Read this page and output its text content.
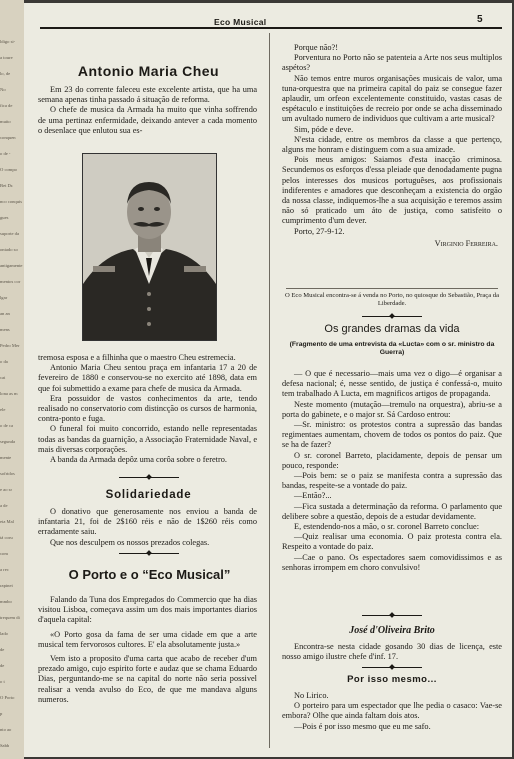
ldigo si-
a toure
lo, de
No
fica de
muito
conquen
o de -
O compo
Bet Dr.
nco conquis
gues
suporte da
ontado so
antigamente
mentos cor
lgar
an an
mens
Pedro Mer
o da
cai
lona as m
ele
o de ca
segunda
mente
sofridos
e ao sr
a de
eia Mal
tá coru
com
a rec
rapinei
mmbo
trequem di
lado
de
de
o t
O Porto
p
nto ao
Sabb
Eco Musical	5
Antonio Maria Cheu

Em 23 do corrente faleceu este excelente artista, que ha uma semana apenas tinha passado á situação de reforma.

O chefe de musica da Armada ha muito que vinha soffrendo de uma pertinaz enfermidade, deixando antever a cada momento o desenlace que enlutou sua es-

tremosa esposa e a filhinha que o maestro Cheu estremecia.

Antonio Maria Cheu sentou praça em infantaria 17 a 20 de fevereiro de 1880 e conservou-se no exercito até 1898, data em que foi submettido a exame para chefe de musica da Armada.

Era possuidor de vastos conhecimentos da arte, tendo realisado no conservatorio com distincção os cursos de harmonia, contra-ponto e fuga.

O funeral foi muito concorrido, estando nelle representadas todas as bandas da guarnição, a Associação Fraternidade Naval, e mais diversas corporações.

A banda da Armada depôz uma corôa sobre o feretro.

Solidariedade

O donativo que generosamente nos enviou a banda de infantaria 21, foi de 2$160 réis e não de 1$260 réis como erradamente saiu.

Que nos desculpem os nossos prezados colegas.

O Porto e o “Eco Musical”

Falando da Tuna dos Empregados do Commercio que ha dias visitou Lisboa, começava assim um dos mais importantes diarios d'aquela capital:

«O Porto gosa da fama de ser uma cidade em que a arte musical tem fervorosos cultores. E' ela absolutamente justa.»

Vem isto a proposito d'uma carta que acabo de receber d'um prezado amigo, cujo espirito forte e audaz que se chama Eduardo Dias, perguntando-me se na capital do norte não seria possivel realisar a venda avulso do Eco, de que me mandava alguns numeros.

Porque não?!

Porventura no Porto não se patenteia a Arte nos seus multiplos aspétos?

Não temos entre muros organisações musicais de valor, uma tuna-orquestra que na primeira capital do paiz se consegue fazer aplaudir, um orfeon excelentemente constituido, vastas casas de espétaculo e instituições de recreio por onde se acha disseminado um avultado numero de individuos que cultivam a arte musical?

Sim, póde e deve.

N'esta cidade, entre os membros da classe a que pertenço, alguns me honram e distinguem com a sua amizade.

Pois meus amigos: Saiamos d'esta inacção criminosa. Secundemos os esforços d'essa pleiade que denodadamente pugna pelos interesses dos musicos portuguêses, aos profissionais indiferentes e amadores que desconheçam a existencia do orgão da nossa classe, indiquemos-lhe a sua acquisição e teremos assim não só praticado um áto de justiça, como satisfeito o cumprimento d'um dever.

Porto, 27-9-12.

Virginio Ferreira.
O Eco Musical encontra-se á venda no Porto, no quiosque do Sebastião, Praça da Liberdade.
Os grandes dramas da vida
(Fragmento de uma entrevista da «Lucta» com o sr. ministro da Guerra)

— O que é necessario—mais uma vez o digo—é organisar a defesa nacional; é, nesse sentido, de justiça é confessá-o, muito tem trabalhado A Lucta, em magnificos artigos de propaganda.

Neste momento (mutação—tremulo na orquestra), abriu-se a porta do gabinete, e o major sr. Sá Cardoso entrou:

—Sr. ministro: os protestos contra a supressão das bandas regimentaes aumentam, chovem de todos os pontos do paiz. Que se ha de fazer?

O sr. coronel Barreto, placidamente, depois de pensar um pouco, responde:

—Pois bem: se o paiz se manifesta contra a supressão das bandas, respeite-se a vontade do paiz.

—Então?...

—Fica sustada a determinação da reforma. O parlamento que delibere sobre a questão, depois de a estudar devidamente.

E, estendendo-nos a mão, o sr. coronel Barreto conclue:

—Quiz realisar uma economia. O paiz protesta contra ela. Respeito a vontade do paiz.

—Cae o pano. Os espectadores saem comovidissimos e as senhoras irrompem em choro convulsivo!

José d'Oliveira Brito

Encontra-se nesta cidade gosando 30 dias de licença, este nosso amigo ilustre chefe d'inf. 17.

Por isso mesmo...

No Lirico.

O porteiro para um espectador que lhe pedia o casaco: Vae-se embora? Olhe que ainda faltam dois atos.

—Pois é por isso mesmo que eu me safo.
